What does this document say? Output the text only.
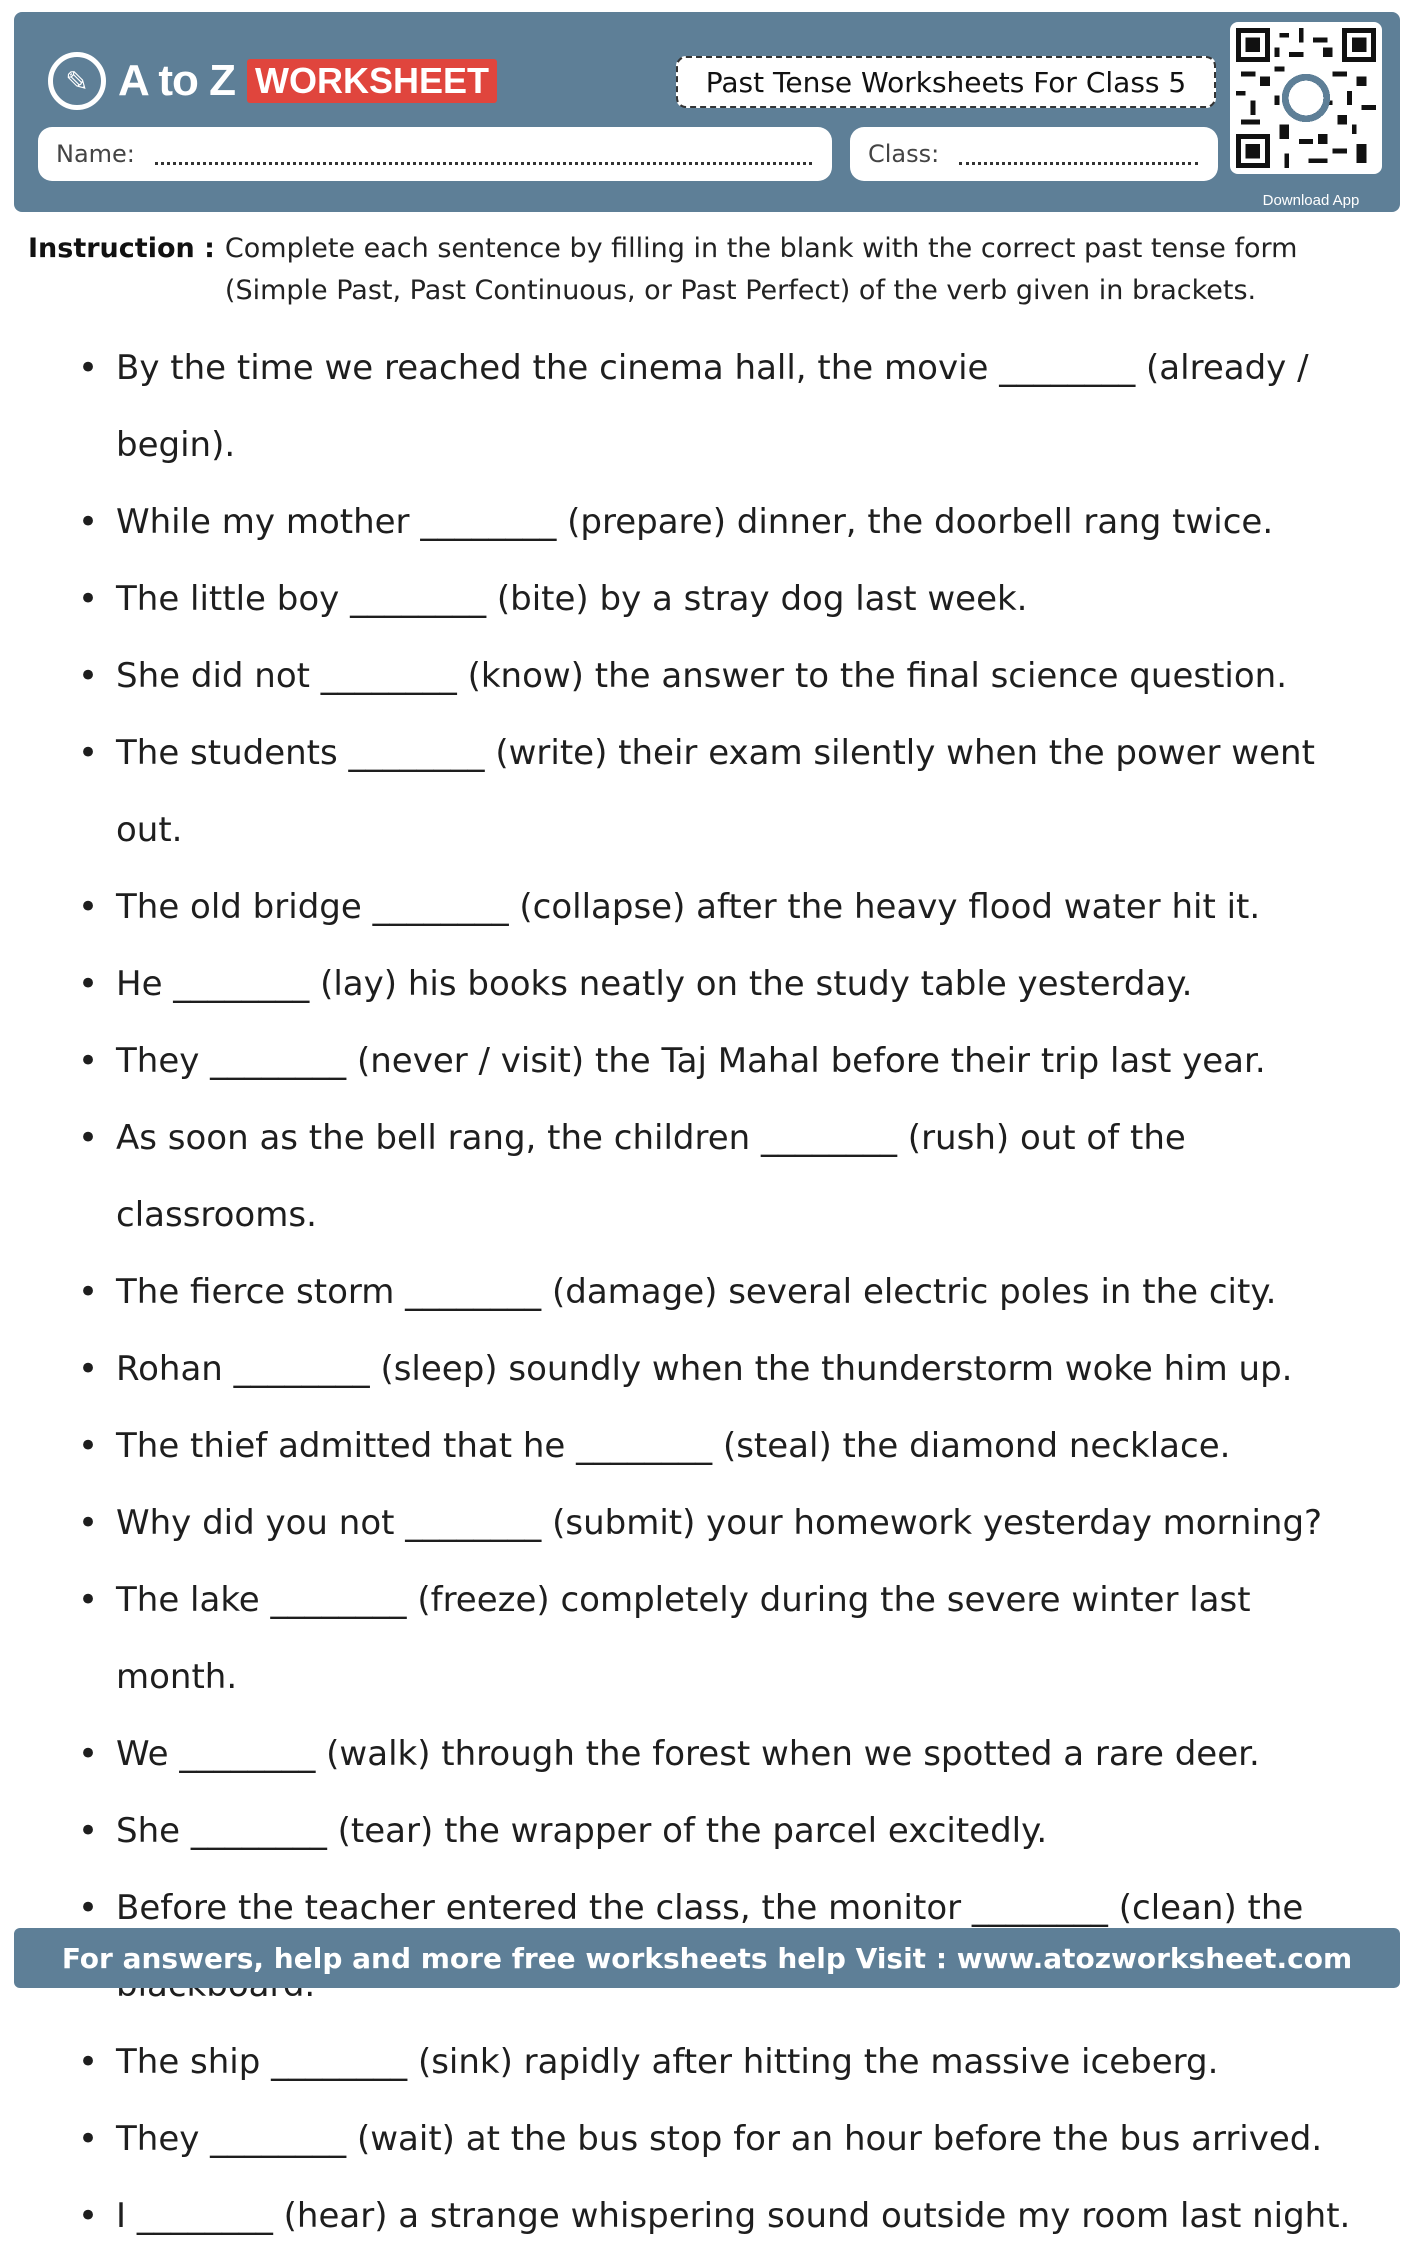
✎ A to Z WORKSHEET	Past Tense Worksheets For Class 5
Name:	Class:
Download App
Instruction : Complete each sentence by filling in the blank with the correct past tense form (Simple Past, Past Continuous, or Past Perfect) of the verb given in brackets.
• By the time we reached the cinema hall, the movie ________ (already / begin).
• While my mother ________ (prepare) dinner, the doorbell rang twice.
• The little boy ________ (bite) by a stray dog last week.
• She did not ________ (know) the answer to the final science question.
• The students ________ (write) their exam silently when the power went out.
• The old bridge ________ (collapse) after the heavy flood water hit it.
• He ________ (lay) his books neatly on the study table yesterday.
• They ________ (never / visit) the Taj Mahal before their trip last year.
• As soon as the bell rang, the children ________ (rush) out of the classrooms.
• The fierce storm ________ (damage) several electric poles in the city.
• Rohan ________ (sleep) soundly when the thunderstorm woke him up.
• The thief admitted that he ________ (steal) the diamond necklace.
• Why did you not ________ (submit) your homework yesterday morning?
• The lake ________ (freeze) completely during the severe winter last month.
• We ________ (walk) through the forest when we spotted a rare deer.
• She ________ (tear) the wrapper of the parcel excitedly.
• Before the teacher entered the class, the monitor ________ (clean) the
• The ship ________ (sink) rapidly after hitting the massive iceberg.
• They ________ (wait) at the bus stop for an hour before the bus arrived.
• I ________ (hear) a strange whispering sound outside my room last night.
For answers, help and more free worksheets help Visit : www.atozworksheet.com
